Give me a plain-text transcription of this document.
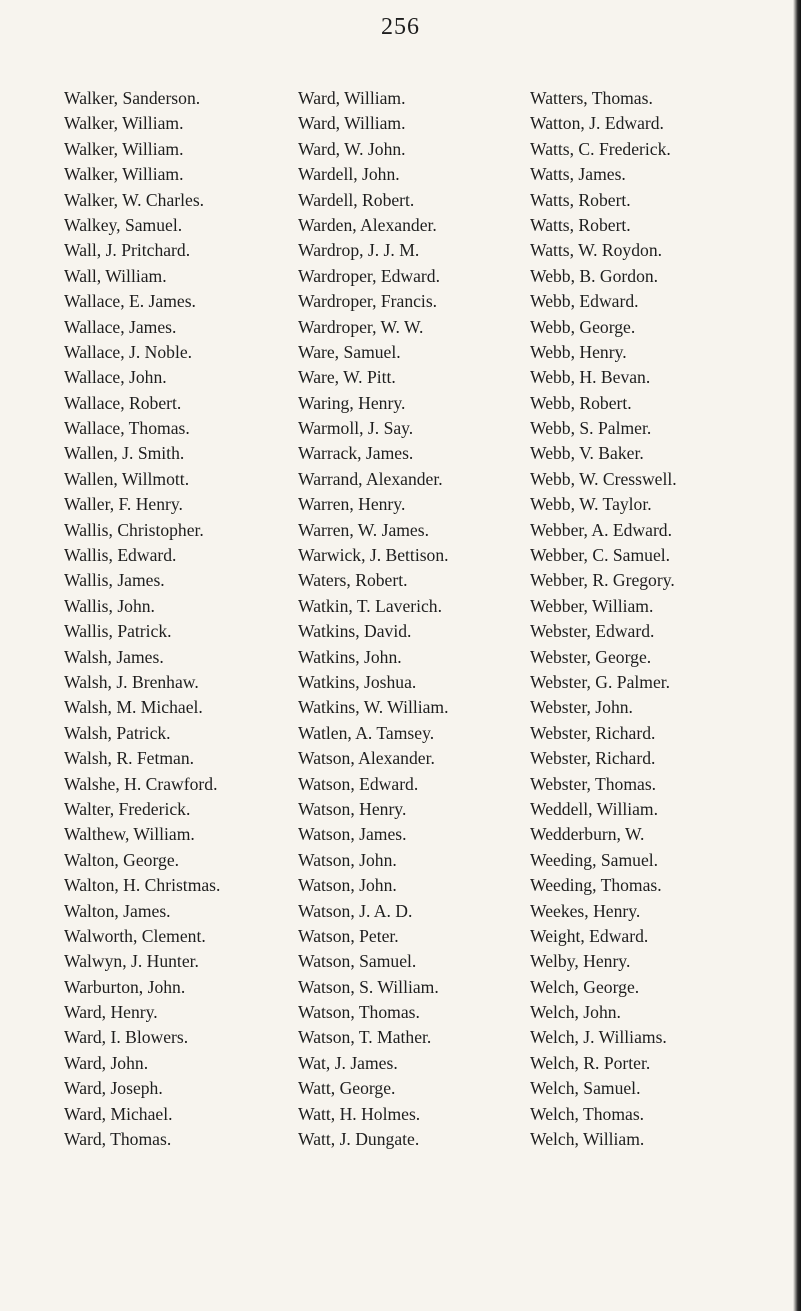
256
Walker, Sanderson.
Walker, William.
Walker, William.
Walker, William.
Walker, W. Charles.
Walkey, Samuel.
Wall, J. Pritchard.
Wall, William.
Wallace, E. James.
Wallace, James.
Wallace, J. Noble.
Wallace, John.
Wallace, Robert.
Wallace, Thomas.
Wallen, J. Smith.
Wallen, Willmott.
Waller, F. Henry.
Wallis, Christopher.
Wallis, Edward.
Wallis, James.
Wallis, John.
Wallis, Patrick.
Walsh, James.
Walsh, J. Brenhaw.
Walsh, M. Michael.
Walsh, Patrick.
Walsh, R. Fetman.
Walshe, H. Crawford.
Walter, Frederick.
Walthew, William.
Walton, George.
Walton, H. Christmas.
Walton, James.
Walworth, Clement.
Walwyn, J. Hunter.
Warburton, John.
Ward, Henry.
Ward, I. Blowers.
Ward, John.
Ward, Joseph.
Ward, Michael.
Ward, Thomas.
Ward, William.
Ward, William.
Ward, W. John.
Wardell, John.
Wardell, Robert.
Warden, Alexander.
Wardrop, J. J. M.
Wardroper, Edward.
Wardroper, Francis.
Wardroper, W. W.
Ware, Samuel.
Ware, W. Pitt.
Waring, Henry.
Warmoll, J. Say.
Warrack, James.
Warrand, Alexander.
Warren, Henry.
Warren, W. James.
Warwick, J. Bettison.
Waters, Robert.
Watkin, T. Laverich.
Watkins, David.
Watkins, John.
Watkins, Joshua.
Watkins, W. William.
Watlen, A. Tamsey.
Watson, Alexander.
Watson, Edward.
Watson, Henry.
Watson, James.
Watson, John.
Watson, John.
Watson, J. A. D.
Watson, Peter.
Watson, Samuel.
Watson, S. William.
Watson, Thomas.
Watson, T. Mather.
Wat, J. James.
Watt, George.
Watt, H. Holmes.
Watt, J. Dungate.
Watters, Thomas.
Watton, J. Edward.
Watts, C. Frederick.
Watts, James.
Watts, Robert.
Watts, Robert.
Watts, W. Roydon.
Webb, B. Gordon.
Webb, Edward.
Webb, George.
Webb, Henry.
Webb, H. Bevan.
Webb, Robert.
Webb, S. Palmer.
Webb, V. Baker.
Webb, W. Cresswell.
Webb, W. Taylor.
Webber, A. Edward.
Webber, C. Samuel.
Webber, R. Gregory.
Webber, William.
Webster, Edward.
Webster, George.
Webster, G. Palmer.
Webster, John.
Webster, Richard.
Webster, Richard.
Webster, Thomas.
Weddell, William.
Wedderburn, W.
Weeding, Samuel.
Weeding, Thomas.
Weekes, Henry.
Weight, Edward.
Welby, Henry.
Welch, George.
Welch, John.
Welch, J. Williams.
Welch, R. Porter.
Welch, Samuel.
Welch, Thomas.
Welch, William.
